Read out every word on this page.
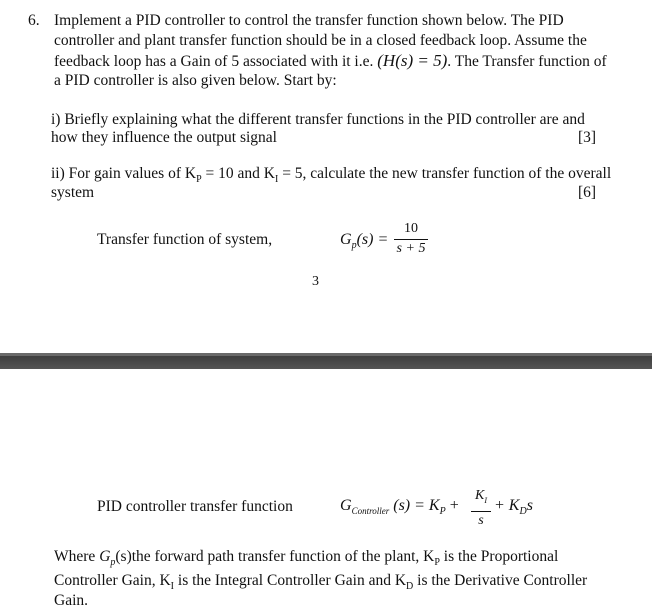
6. Implement a PID controller to control the transfer function shown below. The PID
controller and plant transfer function should be in a closed feedback loop. Assume the
feedback loop has a Gain of 5 associated with it i.e. (H(s) = 5). The Transfer function of
a PID controller is also given below. Start by:
i) Briefly explaining what the different transfer functions in the PID controller are and
how they influence the output signal	[3]
ii) For gain values of $K_P = 10$ and $K_I = 5$, calculate the new transfer function of the overall
system	[6]
Transfer function of system,	$G_p(s)$ =
10
s + 5
3
PID controller transfer function	$G_{Controller}$ $(s) = K_P$ +
$K_I$
s
+ $K_Ds$
Where $G_p(s)the$ forward path transfer function of the plant, $K_P$ is the Proportional
Controller Gain, $K_I$ is the Integral Controller Gain and $K_D$ is the Derivative Controller
Gain.
